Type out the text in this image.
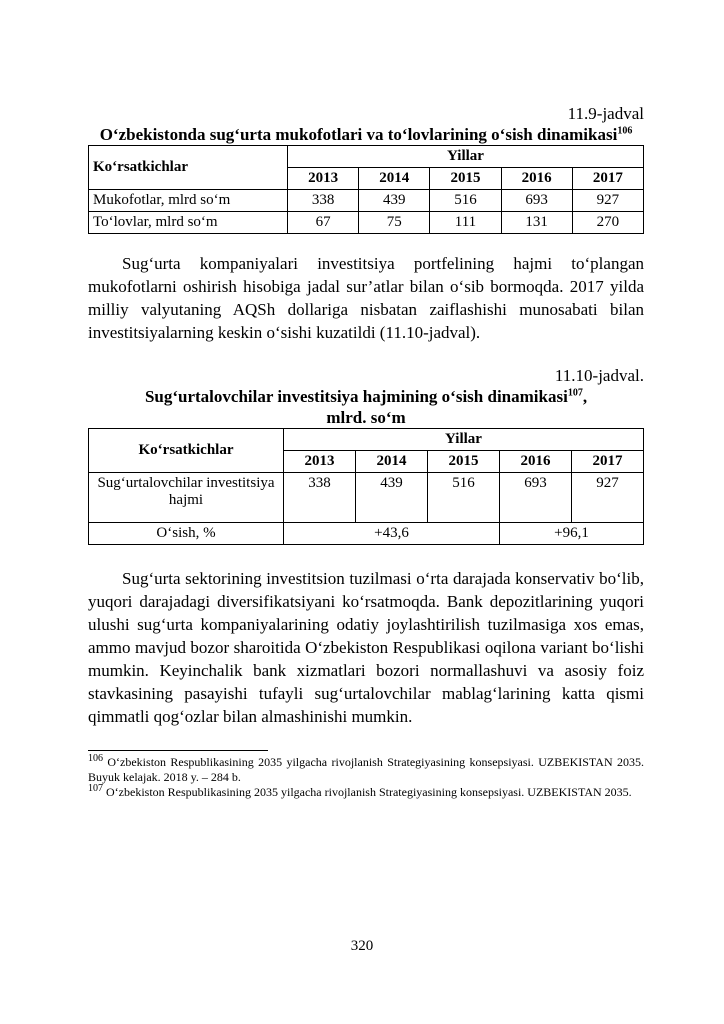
11.9-jadval
O‘zbekistonda sug‘urta mukofotlari va to‘lovlarining o‘sish dinamikasi$^{106}$
Ko‘rsatkichlar	Yillar				
	2013	2014	2015	2016	2017
Mukofotlar, mlrd so‘m	338	439	516	693	927
To‘lovlar, mlrd so‘m	67	75	111	131	270

Sug‘urta kompaniyalari investitsiya portfelining hajmi to‘plangan mukofotlarni oshirish hisobiga jadal sur’atlar bilan o‘sib bormoqda. 2017 yilda milliy valyutaning AQSh dollariga nisbatan zaiflashishi munosabati bilan investitsiyalarning keskin o‘sishi kuzatildi (11.10-jadval).

11.10-jadval.
Sug‘urtalovchilar investitsiya hajmining o‘sish dinamikasi$^{107}$,
mlrd. so‘m
Ko‘rsatkichlar	Yillar				
	2013	2014	2015	2016	2017
Sug‘urtalovchilar investitsiya hajmi	338	439	516	693	927
O‘sish, %	+43,6			+96,1	

Sug‘urta sektorining investitsion tuzilmasi o‘rta darajada konservativ bo‘lib, yuqori darajadagi diversifikatsiyani ko‘rsatmoqda. Bank depozitlarining yuqori ulushi sug‘urta kompaniyalarining odatiy joylashtirilish tuzilmasiga xos emas, ammo mavjud bozor sharoitida O‘zbekiston Respublikasi oqilona variant bo‘lishi mumkin. Keyinchalik bank xizmatlari bozori normallashuvi va asosiy foiz stavkasining pasayishi tufayli sug‘urtalovchilar mablag‘larining katta qismi qimmatli qog‘ozlar bilan almashinishi mumkin.

$^{106}$ O‘zbekiston Respublikasining 2035 yilgacha rivojlanish Strategiyasining konsepsiyasi. UZBEKISTAN 2035. Buyuk kelajak. 2018 y. – 284 b.

$^{107}$ O‘zbekiston Respublikasining 2035 yilgacha rivojlanish Strategiyasining konsepsiyasi. UZBEKISTAN 2035.

320
